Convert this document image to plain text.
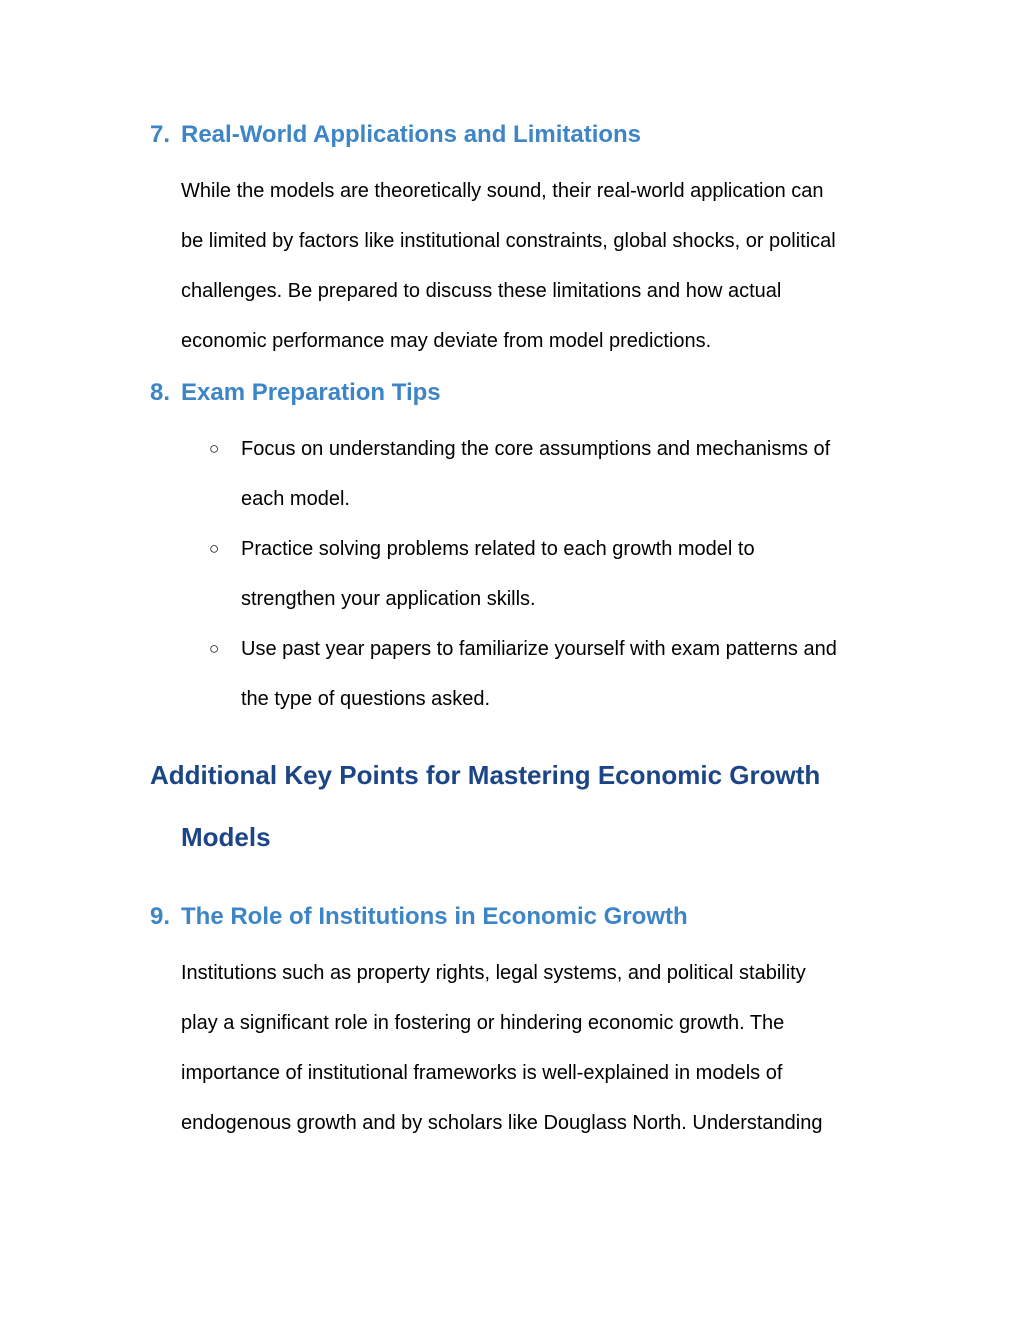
7. Real-World Applications and Limitations
While the models are theoretically sound, their real-world application can
be limited by factors like institutional constraints, global shocks, or political
challenges. Be prepared to discuss these limitations and how actual
economic performance may deviate from model predictions.
8. Exam Preparation Tips
○ Focus on understanding the core assumptions and mechanisms of
each model.
○ Practice solving problems related to each growth model to
strengthen your application skills.
○ Use past year papers to familiarize yourself with exam patterns and
the type of questions asked.
Additional Key Points for Mastering Economic Growth
Models
9. The Role of Institutions in Economic Growth
Institutions such as property rights, legal systems, and political stability
play a significant role in fostering or hindering economic growth. The
importance of institutional frameworks is well-explained in models of
endogenous growth and by scholars like Douglass North. Understanding
